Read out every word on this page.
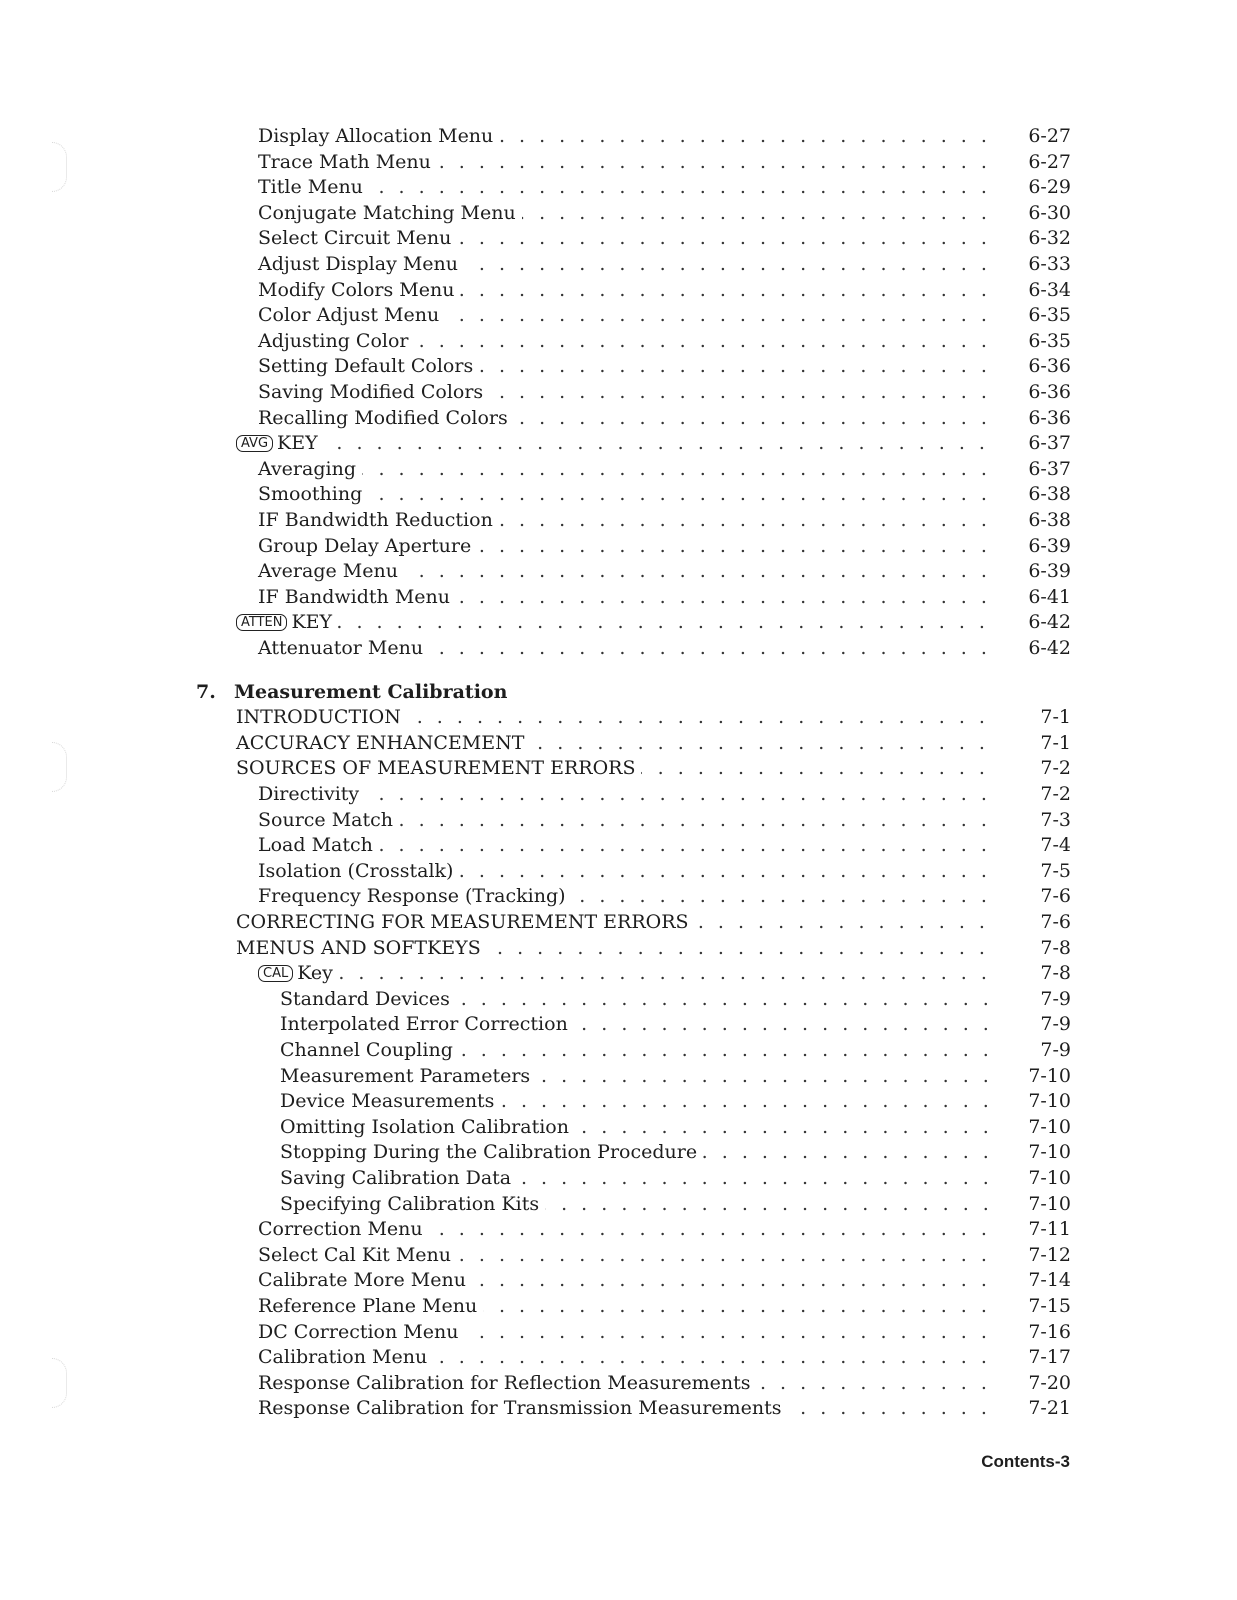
. . .
Display Allocation Menu	6-27
. . .
Trace Math Menu	6-27
. . .
Title Menu	6-29
. . .
Conjugate Matching Menu	6-30
. . .
Select Circuit Menu	6-32
. . .
Adjust Display Menu	6-33
. . .
Modify Colors Menu	6-34
. . .
Color Adjust Menu	6-35
. . .
Adjusting Color	6-35
. . .
Setting Default Colors	6-36
. . .
Saving Modified Colors	6-36
. . .
Recalling Modified Colors	6-36
. . .
AVG KEY	6-37
. . .
Averaging	6-37
. . .
Smoothing	6-38
. . .
IF Bandwidth Reduction	6-38
. . .
Group Delay Aperture	6-39
. . .
Average Menu	6-39
. . .
IF Bandwidth Menu	6-41
. . .
ATTEN KEY	6-42
. . .
Attenuator Menu	6-42
7. Measurement Calibration
. . .
INTRODUCTION	7-1
. . .
ACCURACY ENHANCEMENT	7-1
. . .
SOURCES OF MEASUREMENT ERRORS	7-2
. . .
Directivity	7-2
. . .
Source Match	7-3
. . .
Load Match	7-4
. . .
Isolation (Crosstalk)	7-5
. . .
Frequency Response (Tracking)	7-6
. . .
CORRECTING FOR MEASUREMENT ERRORS	7-6
. . .
MENUS AND SOFTKEYS	7-8
. . .
CAL Key	7-8
. . .
Standard Devices	7-9
. . .
Interpolated Error Correction	7-9
. . .
Channel Coupling	7-9
. . .
Measurement Parameters	7-10
. . .
Device Measurements	7-10
. . .
Omitting Isolation Calibration	7-10
. . .
Stopping During the Calibration Procedure	7-10
. . .
Saving Calibration Data	7-10
. . .
Specifying Calibration Kits	7-10
. . .
Correction Menu	7-11
. . .
Select Cal Kit Menu	7-12
. . .
Calibrate More Menu	7-14
. . .
Reference Plane Menu	7-15
. . .
DC Correction Menu	7-16
. . .
Calibration Menu	7-17
. . .
Response Calibration for Reflection Measurements	7-20
. . .
Response Calibration for Transmission Measurements	7-21
Contents-3
